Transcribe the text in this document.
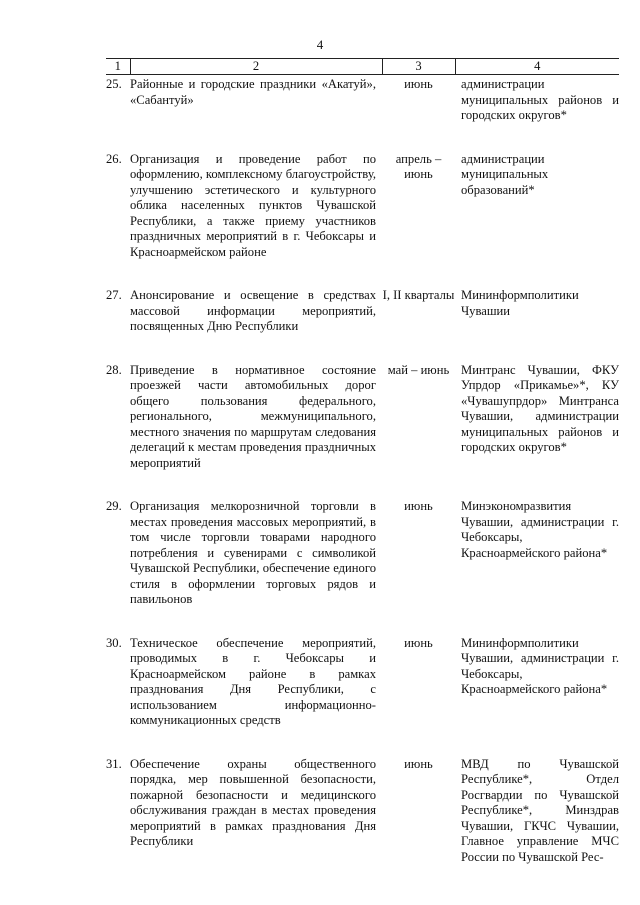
4
1	2	3	4
25.	Районные и городские праздники «Акатуй», «Сабантуй»	июнь	администрации муниципальных районов и городских округов*
26.	Организация и проведение работ по оформлению, комплексному благоустройству, улучшению эстетического и культурного облика населенных пунктов Чувашской Республики, а также приему участников праздничных мероприятий в г. Чебоксары и Красноармейском районе	апрель – июнь	администрации муниципальных образований*
27.	Анонсирование и освещение в средствах массовой информации мероприятий, посвященных Дню Республики	I, II кварталы	Мининформполитики Чувашии
28.	Приведение в нормативное состояние проезжей части автомобильных дорог общего пользования федерального, регионального, межмуниципального, местного значения по маршрутам следования делегаций к местам проведения праздничных мероприятий	май – июнь	Минтранс Чувашии, ФКУ Упрдор «Прикамье»*, КУ «Чувашупрдор» Минтранса Чувашии, администрации муниципальных районов и городских округов*
29.	Организация мелкорозничной торговли в местах проведения массовых мероприятий, в том числе торговли товарами народного потребления и сувенирами с символикой Чувашской Республики, обеспечение единого стиля в оформлении торговых рядов и павильонов	июнь	Минэкономразвития Чувашии, администрации г. Чебоксары, Красноармейского района*
30.	Техническое обеспечение мероприятий, проводимых в г. Чебоксары и Красноармейском районе в рамках празднования Дня Республики, с использованием информационно-коммуникационных средств	июнь	Мининформполитики Чувашии, администрации г. Чебоксары, Красноармейского района*
31.	Обеспечение охраны общественного порядка, мер повышенной безопасности, пожарной безопасности и медицинского обслуживания граждан в местах проведения мероприятий в рамках празднования Дня Республики	июнь	МВД по Чувашской Республике*, Отдел Росгвардии по Чувашской Республике*, Минздрав Чувашии, ГКЧС Чувашии, Главное управление МЧС России по Чувашской Рес-
